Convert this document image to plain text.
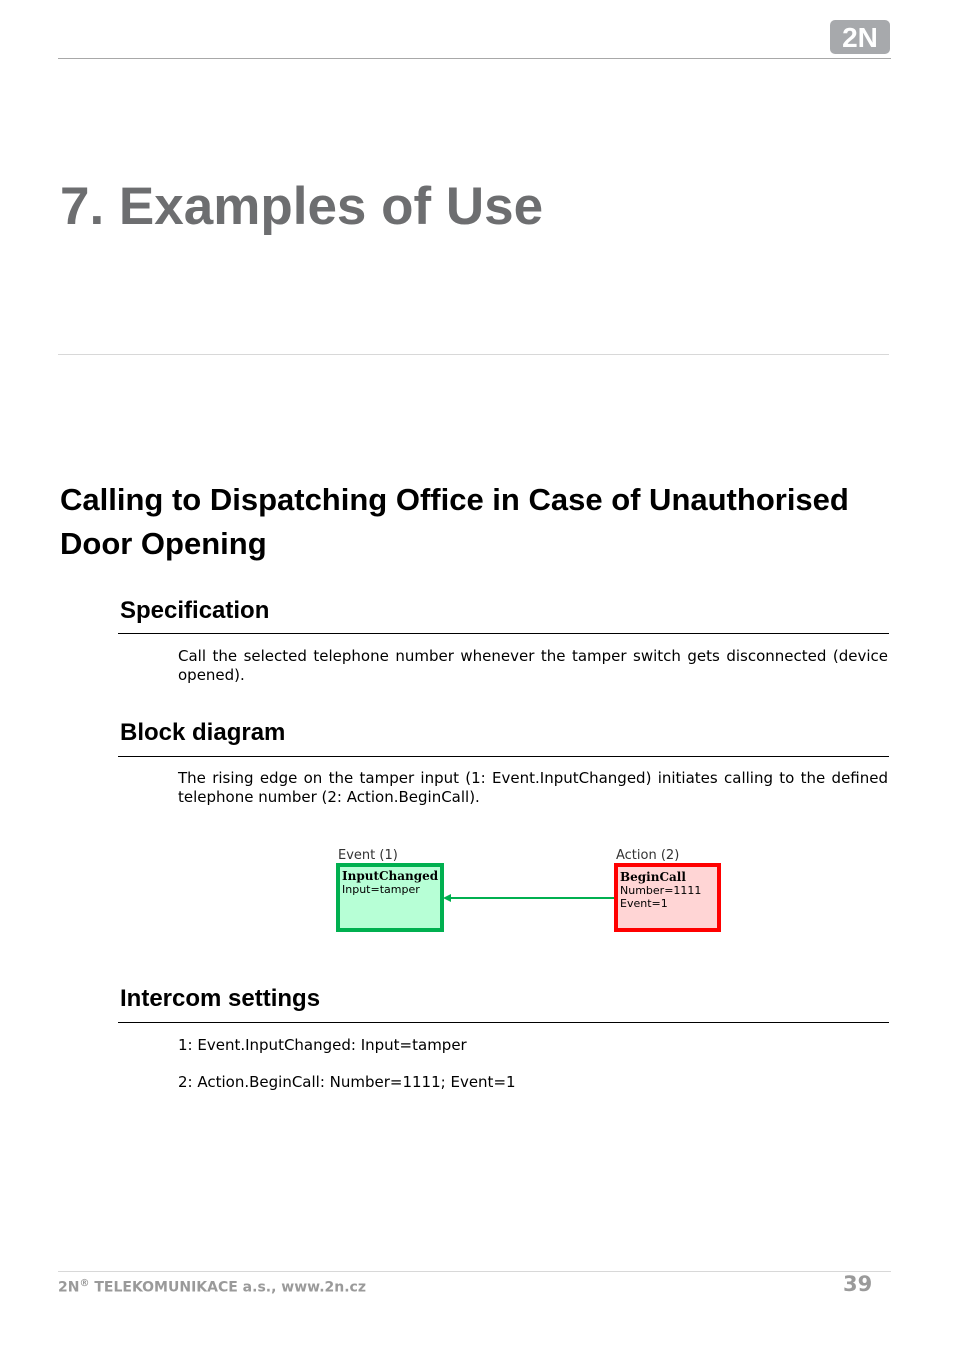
2N
7. Examples of Use
Calling to Dispatching Office in Case of Unauthorised Door Opening
Specification

Call the selected telephone number whenever the tamper switch gets disconnected (device opened).

Block diagram

The rising edge on the tamper input (1: Event.InputChanged) initiates calling to the defined telephone number (2: Action.BeginCall).

Event (1)
InputChanged
Input=tamper
Action (2)
BeginCall
Number=1111
Event=1
Intercom settings

1: Event.InputChanged: Input=tamper

2: Action.BeginCall: Number=1111; Event=1

2N® TELEKOMUNIKACE a.s., www.2n.cz	39
